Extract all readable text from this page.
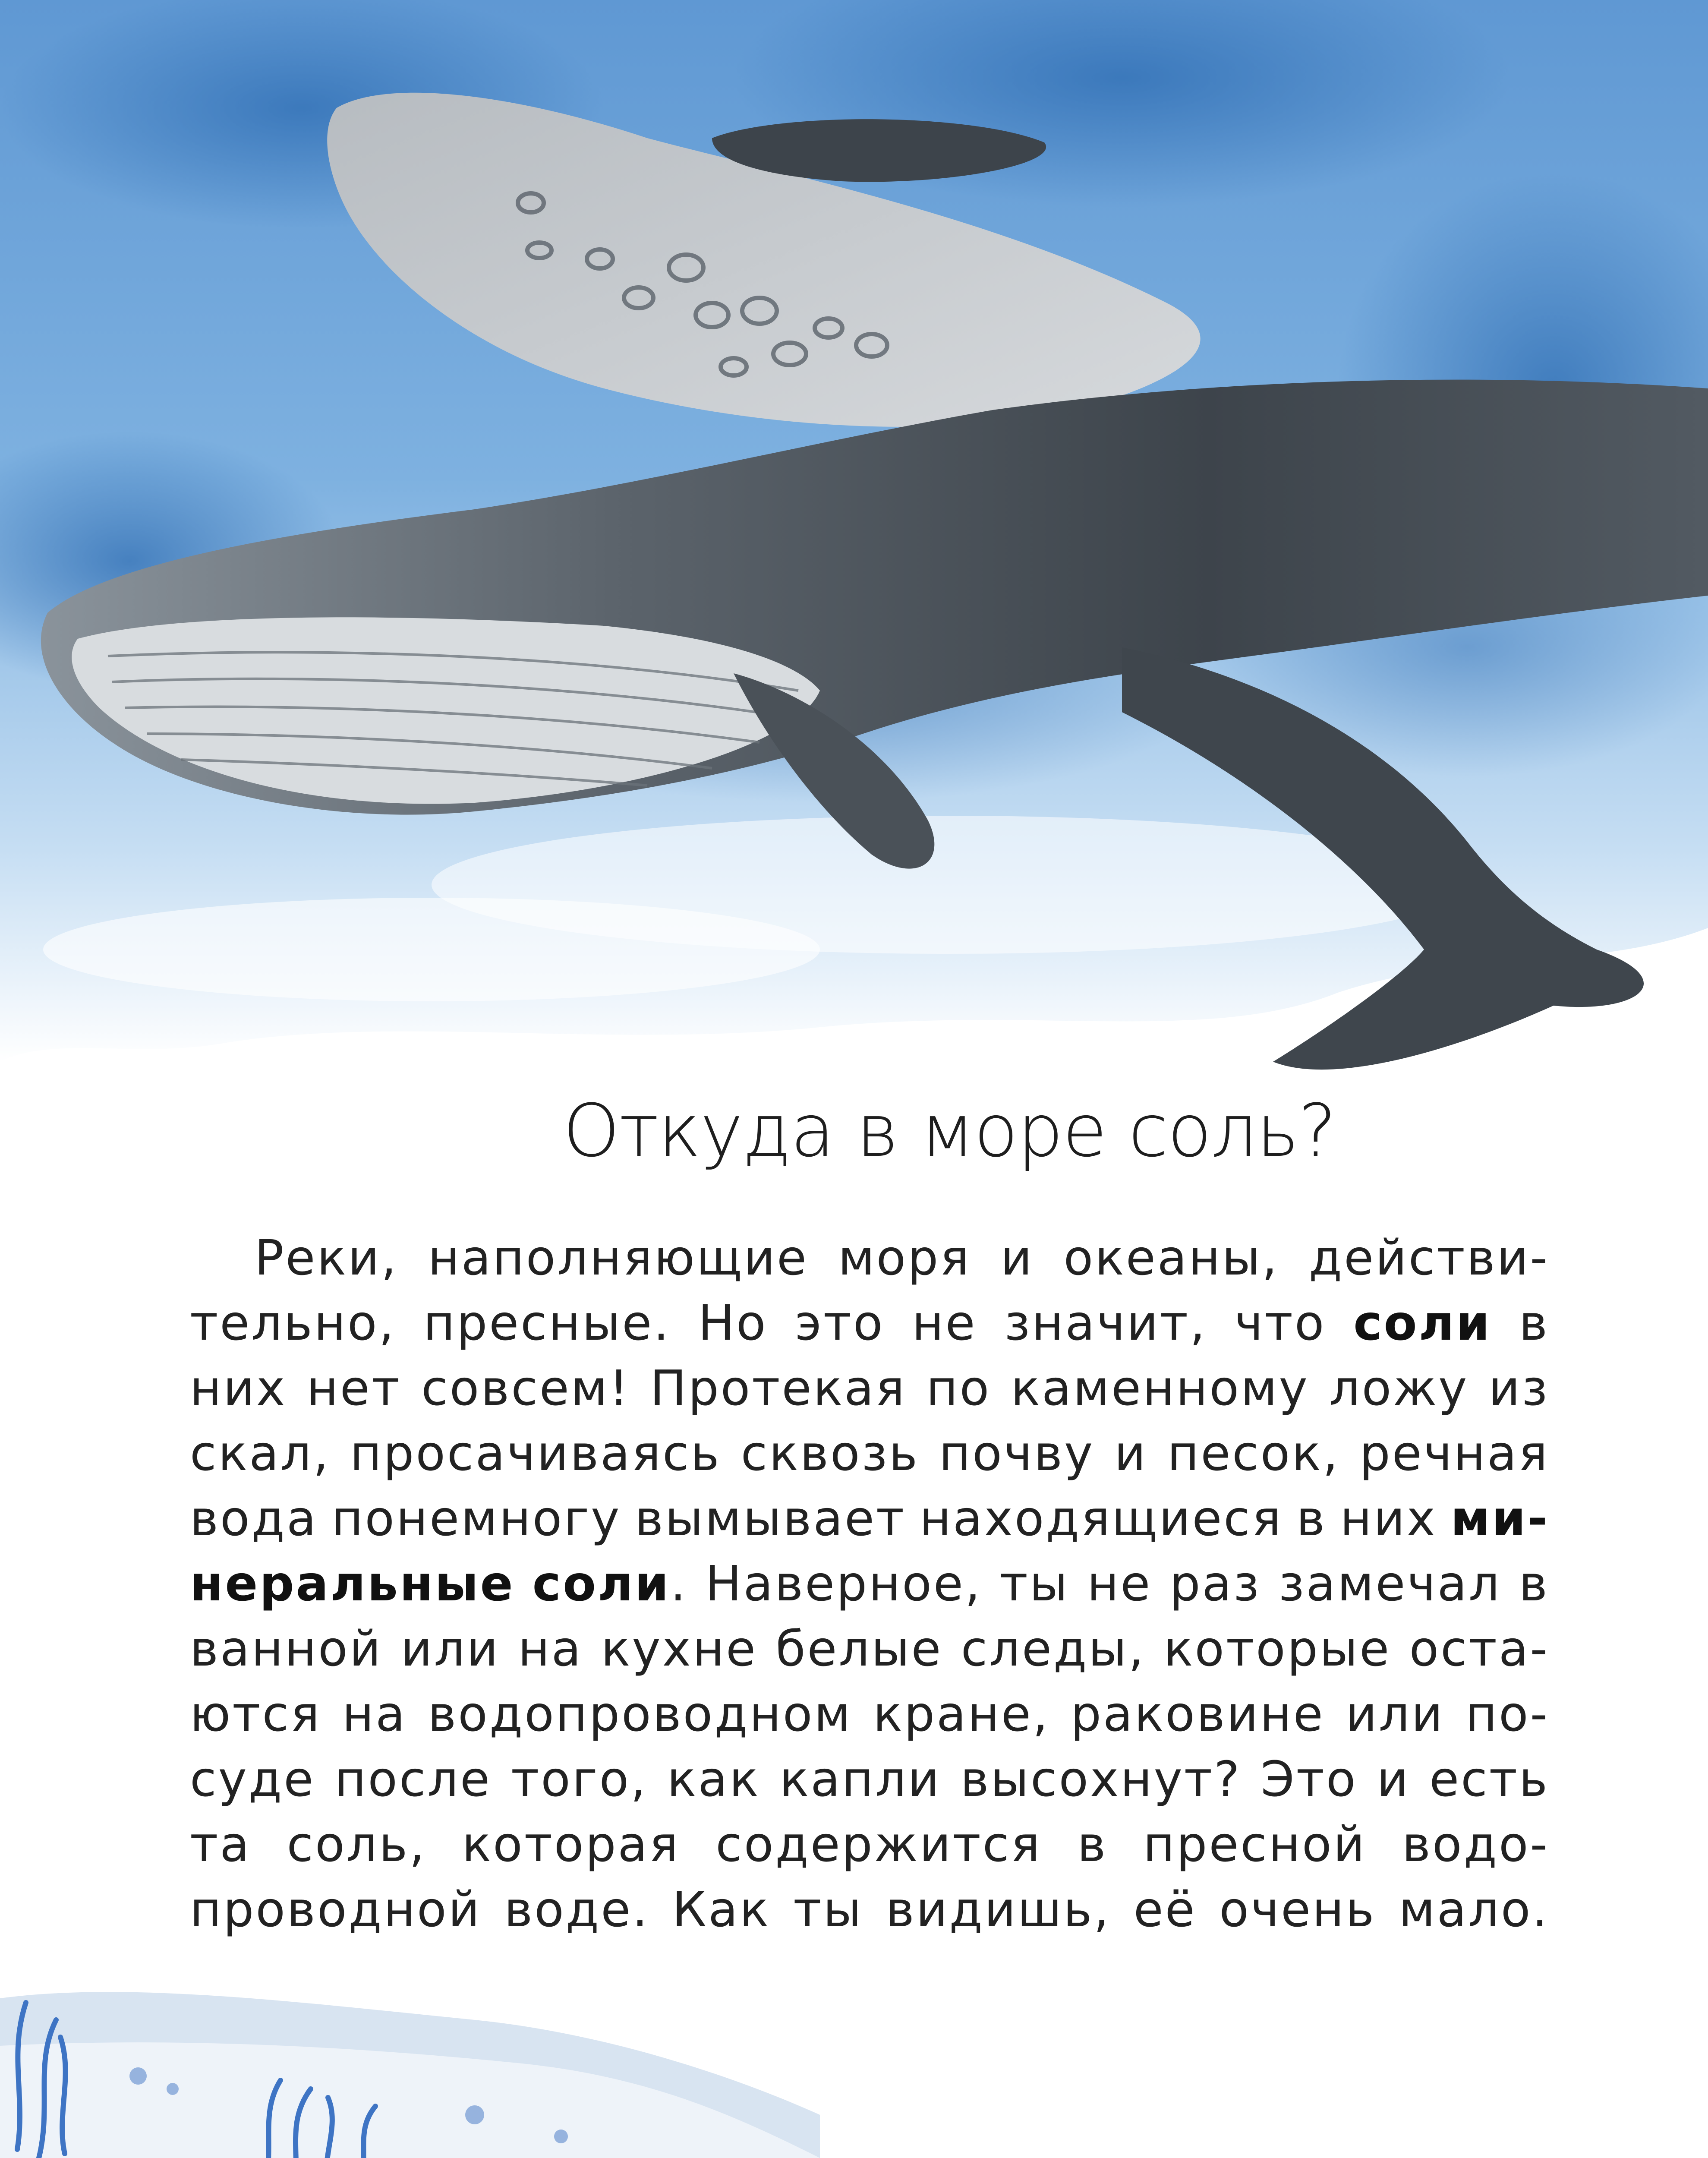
Откуда в море соль?
Реки, наполняющие моря и океаны, действи-
тельно, пресные. Но это не значит, что соли в
них нет совсем! Протекая по каменному ложу из
скал, просачиваясь сквозь почву и песок, речная
вода понемногу вымывает находящиеся в них ми-
неральные соли. Наверное, ты не раз замечал в
ванной или на кухне белые следы, которые оста-
ются на водопроводном кране, раковине или по-
суде после того, как капли высохнут? Это и есть
та соль, которая содержится в пресной водо-
проводной воде. Как ты видишь, её очень мало.
